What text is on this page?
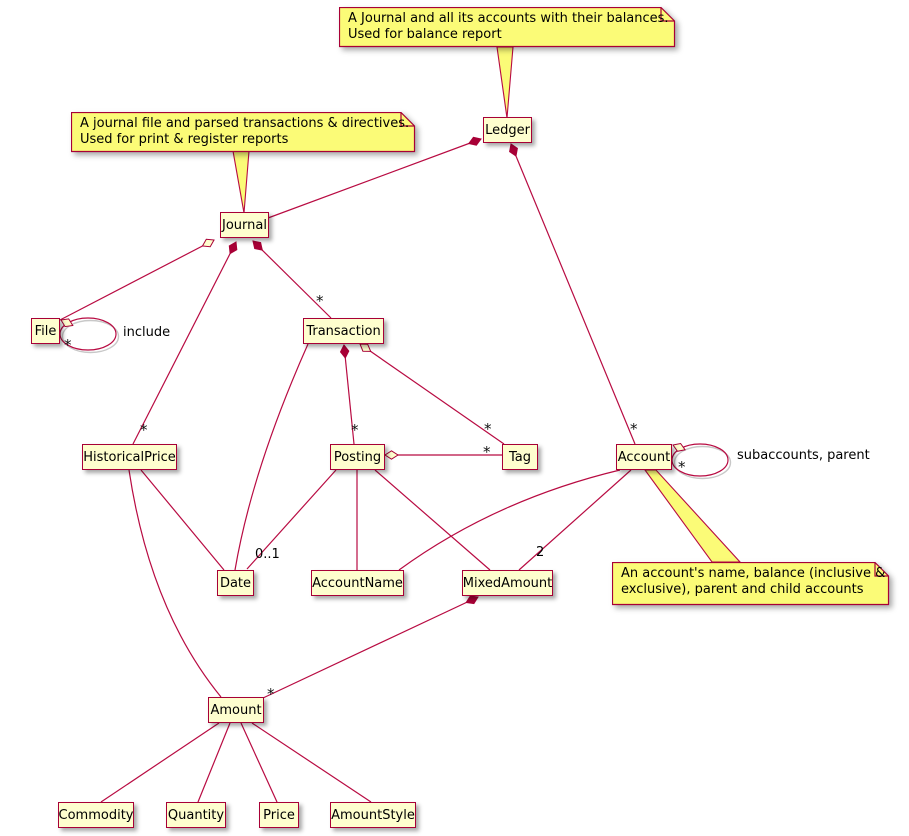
A Journal and all its accounts with their balances.
Used for balance report
A journal file and parsed transactions & directives.
Used for print & register reports
An account's name, balance (inclusive &
exclusive), parent and child accounts
Ledger
Journal
File	Transaction
HistoricalPrice	Posting	Tag	Account
Date	AccountName	MixedAmount
Amount
Commodity	Quantity	Price	AmountStyle
include
*
*
*	*	*
*
*
*
subaccounts, parent
0..1	2
*
